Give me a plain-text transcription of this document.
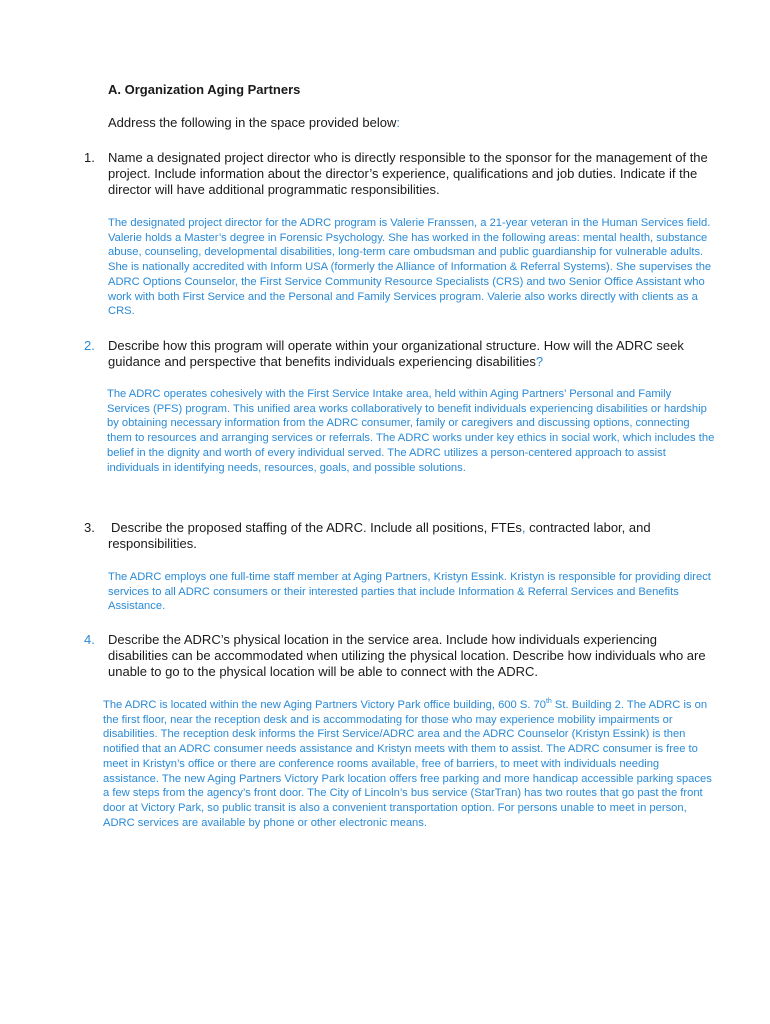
A. Organization Aging Partners
Address the following in the space provided below:
1. Name a designated project director who is directly responsible to the sponsor for the management of the project. Include information about the director’s experience, qualifications and job duties. Indicate if the director will have additional programmatic responsibilities.
The designated project director for the ADRC program is Valerie Franssen, a 21-year veteran in the Human Services field. Valerie holds a Master’s degree in Forensic Psychology. She has worked in the following areas: mental health, substance abuse, counseling, developmental disabilities, long-term care ombudsman and public guardianship for vulnerable adults. She is nationally accredited with Inform USA (formerly the Alliance of Information & Referral Systems). She supervises the ADRC Options Counselor, the First Service Community Resource Specialists (CRS) and two Senior Office Assistant who work with both First Service and the Personal and Family Services program. Valerie also works directly with clients as a CRS.
2. Describe how this program will operate within your organizational structure. How will the ADRC seek guidance and perspective that benefits individuals experiencing disabilities?
The ADRC operates cohesively with the First Service Intake area, held within Aging Partners’ Personal and Family Services (PFS) program. This unified area works collaboratively to benefit individuals experiencing disabilities or hardship by obtaining necessary information from the ADRC consumer, family or caregivers and discussing options, connecting them to resources and arranging services or referrals. The ADRC works under key ethics in social work, which includes the belief in the dignity and worth of every individual served. The ADRC utilizes a person-centered approach to assist individuals in identifying needs, resources, goals, and possible solutions.
3. Describe the proposed staffing of the ADRC. Include all positions, FTEs, contracted labor, and responsibilities.
The ADRC employs one full-time staff member at Aging Partners, Kristyn Essink. Kristyn is responsible for providing direct services to all ADRC consumers or their interested parties that include Information & Referral Services and Benefits Assistance.
4. Describe the ADRC’s physical location in the service area. Include how individuals experiencing disabilities can be accommodated when utilizing the physical location. Describe how individuals who are unable to go to the physical location will be able to connect with the ADRC.
The ADRC is located within the new Aging Partners Victory Park office building, 600 S. 70th St. Building 2. The ADRC is on the first floor, near the reception desk and is accommodating for those who may experience mobility impairments or disabilities. The reception desk informs the First Service/ADRC area and the ADRC Counselor (Kristyn Essink) is then notified that an ADRC consumer needs assistance and Kristyn meets with them to assist. The ADRC consumer is free to meet in Kristyn’s office or there are conference rooms available, free of barriers, to meet with individuals needing assistance. The new Aging Partners Victory Park location offers free parking and more handicap accessible parking spaces a few steps from the agency’s front door. The City of Lincoln’s bus service (StarTran) has two routes that go past the front door at Victory Park, so public transit is also a convenient transportation option. For persons unable to meet in person, ADRC services are available by phone or other electronic means.
